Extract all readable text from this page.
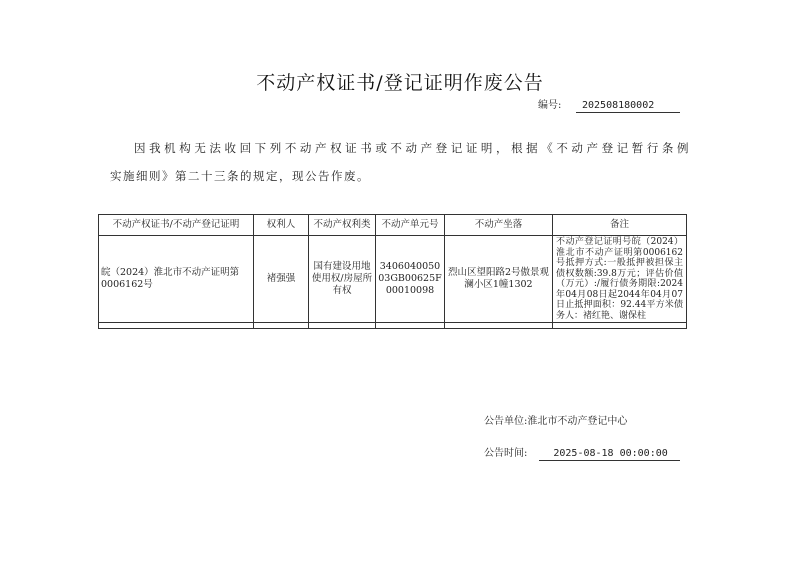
不动产权证书/登记证明作废公告
编号: 202508180002
因我机构无法收回下列不动产权证书或不动产登记证明，根据《不动产登记暂行条例
实施细则》第二十三条的规定，现公告作废。
不动产权证书/不动产登记证明	权利人	不动产权利类	不动产单元号	不动产坐落	备注
皖（2024）淮北市不动产证明第0006162号	褚强强	国有建设用地使用权/房屋所有权	340604005003GB00625F00010098	烈山区望阳路2号傲景观澜小区1幢1302	不动产登记证明号皖（2024）淮北市不动产证明第0006162号抵押方式:一般抵押被担保主债权数额:39.8万元；评估价值（万元）:/履行债务期限:2024年04月08日起2044年04月07日止抵押面积：92.44平方米债务人：褚红艳、谢保柱

公告单位:淮北市不动产登记中心
公告时间:	2025-08-18 00:00:00
